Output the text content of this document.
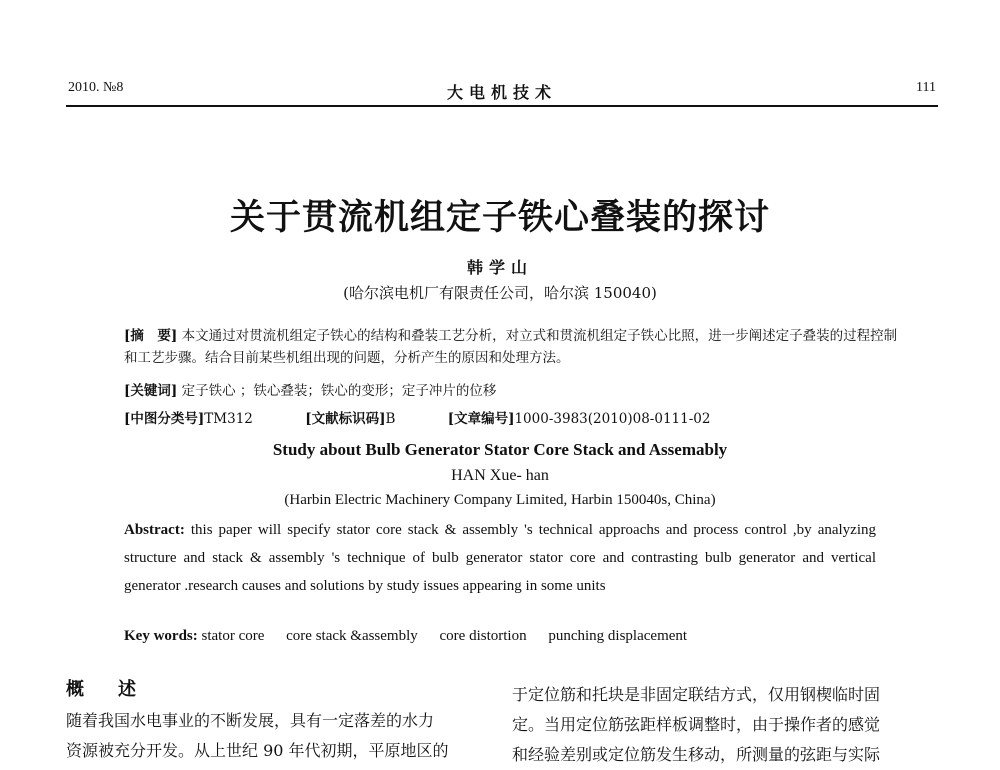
2010. №8	大电机技术	111
关于贯流机组定子铁心叠装的探讨
韩学山
(哈尔滨电机厂有限责任公司，哈尔滨 150040)
[摘　要] 本文通过对贯流机组定子铁心的结构和叠装工艺分析，对立式和贯流机组定子铁心比照，进一步阐述定子叠装的过程控制和工艺步骤。结合目前某些机组出现的问题，分析产生的原因和处理方法。
[关键词] 定子铁心 ；铁心叠装；铁心的变形；定子冲片的位移
[中图分类号]TM312	[文献标识码]B	[文章编号]1000-3983(2010)08-0111-02
Study about Bulb Generator Stator Core Stack and Assemably
HAN Xue- han
(Harbin Electric Machinery Company Limited, Harbin 150040s, China)
Abstract: this paper will specify stator core stack & assembly 's technical approachs and process control ,by analyzing structure and stack & assembly 's technique of bulb generator stator core and contrasting bulb generator and vertical generator .research causes and solutions by study issues appearing in some units
Key words: stator core core stack &assembly core distortion punching displacement
概　述

随着我国水电事业的不断发展，具有一定落差的水力

资源被充分开发。从上世纪 90 年代初期，平原地区的

于定位筋和托块是非固定联结方式，仅用钢楔临时固

定。当用定位筋弦距样板调整时，由于操作者的感觉

和经验差别或定位筋发生移动，所测量的弦距与实际
